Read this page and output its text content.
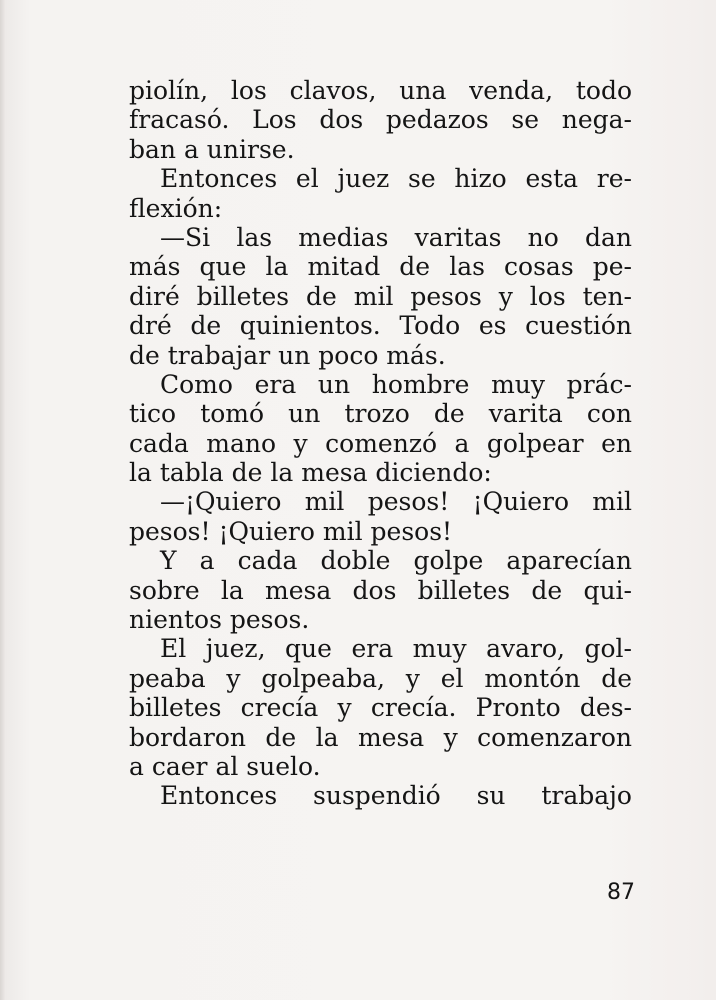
piolín, los clavos, una venda, todo
fracasó. Los dos pedazos se nega-
ban a unirse.
Entonces el juez se hizo esta re-
flexión:
—Si las medias varitas no dan
más que la mitad de las cosas pe-
diré billetes de mil pesos y los ten-
dré de quinientos. Todo es cuestión
de trabajar un poco más.
Como era un hombre muy prác-
tico tomó un trozo de varita con
cada mano y comenzó a golpear en
la tabla de la mesa diciendo:
—¡Quiero mil pesos! ¡Quiero mil
pesos! ¡Quiero mil pesos!
Y a cada doble golpe aparecían
sobre la mesa dos billetes de qui-
nientos pesos.
El juez, que era muy avaro, gol-
peaba y golpeaba, y el montón de
billetes crecía y crecía. Pronto des-
bordaron de la mesa y comenzaron
a caer al suelo.
Entonces suspendió su trabajo
87
